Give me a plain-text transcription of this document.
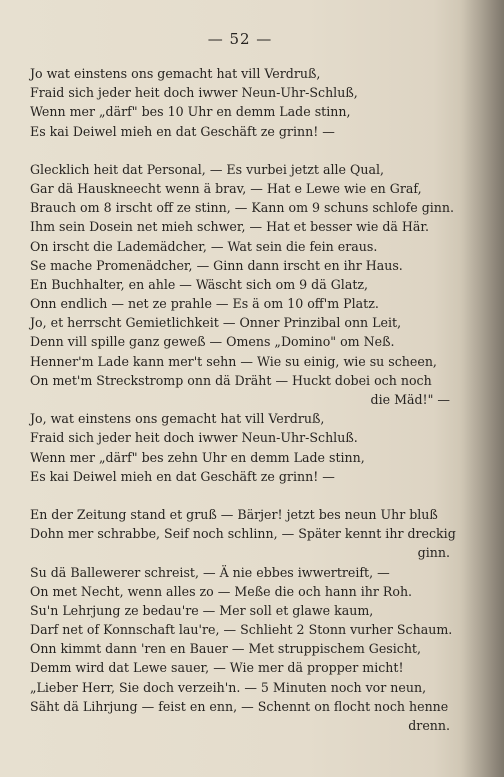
— 52 —
Jo wat einstens ons gemacht hat vill Verdruß,
Fraid sich jeder heit doch iwwer Neun-Uhr-Schluß,
Wenn mer „därf" bes 10 Uhr en demm Lade stinn,
Es kai Deiwel mieh en dat Geschäft ze grinn! —
Glecklich heit dat Personal, — Es vurbei jetzt alle Qual,
Gar dä Hauskneecht wenn ä brav, — Hat e Lewe wie en Graf,
Brauch om 8 irscht off ze stinn, — Kann om 9 schuns schlofe ginn.
Ihm sein Dosein net mieh schwer, — Hat et besser wie dä Här.
On irscht die Lademädcher, — Wat sein die fein eraus.
Se mache Promenädcher, — Ginn dann irscht en ihr Haus.
En Buchhalter, en ahle — Wäscht sich om 9 dä Glatz,
Onn endlich — net ze prahle — Es ä om 10 off'm Platz.
Jo, et herrscht Gemietlichkeit — Onner Prinzibal onn Leit,
Denn vill spille ganz geweß — Omens „Domino" om Neß.
Henner'm Lade kann mer't sehn — Wie su einig, wie su scheen,
On met'm Streckstromp onn dä Dräht — Huckt dobei och noch
die Mäd!" —
Jo, wat einstens ons gemacht hat vill Verdruß,
Fraid sich jeder heit doch iwwer Neun-Uhr-Schluß.
Wenn mer „därf" bes zehn Uhr en demm Lade stinn,
Es kai Deiwel mieh en dat Geschäft ze grinn! —
En der Zeitung stand et gruß — Bärjer! jetzt bes neun Uhr bluß
Dohn mer schrabbe, Seif noch schlinn, — Später kennt ihr dreckig
ginn.
Su dä Ballewerer schreist, — Ä nie ebbes iwwertreift, —
On met Necht, wenn alles zo — Meße die och hann ihr Roh.
Su'n Lehrjung ze bedau're — Mer soll et glawe kaum,
Darf net of Konnschaft lau're, — Schlieht 2 Stonn vurher Schaum.
Onn kimmt dann 'ren en Bauer — Met struppischem Gesicht,
Demm wird dat Lewe sauer, — Wie mer dä propper micht!
„Lieber Herr, Sie doch verzeih'n. — 5 Minuten noch vor neun,
Säht dä Lihrjung — feist en enn, — Schennt on flocht noch henne
drenn.
